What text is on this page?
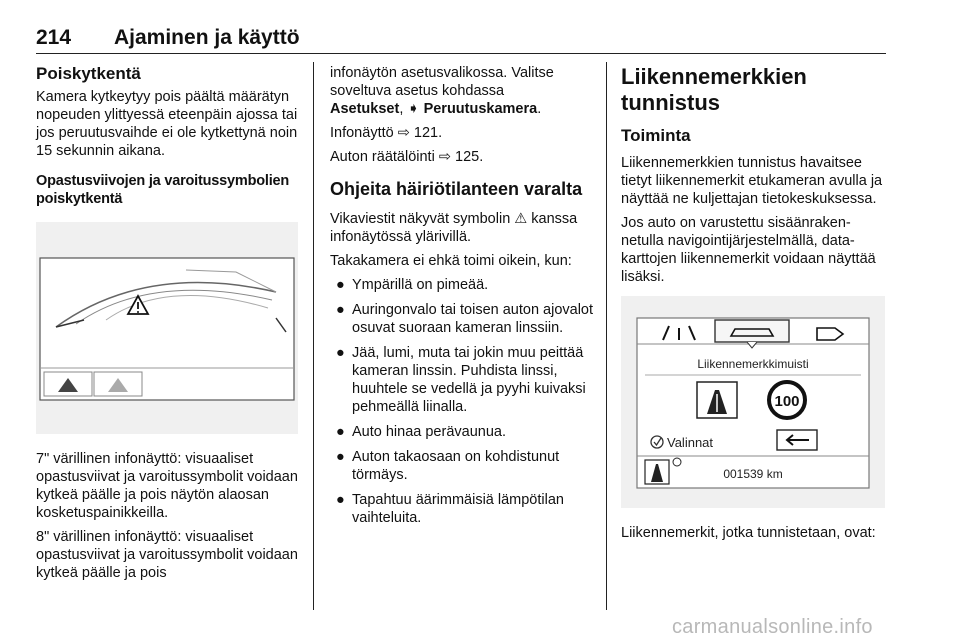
214 Ajaminen ja käyttö
Poiskytkentä

Kamera kytkeytyy pois päältä määrätyn nopeuden ylittyessä eteenpäin ajossa tai jos peruutusvaihde ei ole kytkettynä noin 15 sekunnin aikana.

Opastusviivojen ja varoitussymbolien poiskytkentä

7" värillinen infonäyttö: visuaaliset opastusviivat ja varoitussymbolit voidaan kytkeä päälle ja pois näytön alaosan kosketuspainikkeilla.

8" värillinen infonäyttö: visuaaliset opastusviivat ja varoitussymbolit voidaan kytkeä päälle ja pois

infonäytön asetusvalikossa. Valitse soveltuva asetus kohdassa
Asetukset, ➧ Peruutuskamera.

Infonäyttö ⇨ 121.

Auton räätälöinti ⇨ 125.

Ohjeita häiriötilanteen varalta

Vikaviestit näkyvät symbolin ⚠ kanssa infonäytössä ylärivillä.

Takakamera ei ehkä toimi oikein, kun:

● Ympärillä on pimeää.
● Auringonvalo tai toisen auton ajovalot osuvat suoraan kameran linssiin.
● Jää, lumi, muta tai jokin muu peittää kameran linssin. Puhdista linssi, huuhtele se vedellä ja pyyhi kuivaksi pehmeällä liinalla.
● Auto hinaa perävaunua.
● Auton takaosaan on kohdistunut törmäys.
● Tapahtuu äärimmäisiä lämpötilan vaihteluita.
Liikennemerkkien tunnistus
Toiminta

Liikennemerkkien tunnistus havaitsee tietyt liikennemerkit etukameran avulla ja näyttää ne kuljettajan tietokeskuksessa.

Jos auto on varustettu sisäänrakennetulla navigointijärjestelmällä, datakarttojen liikennemerkit voidaan näyttää lisäksi.

Liikennemerkkimuisti
100
Valinnat
001539 km

Liikennemerkit, jotka tunnistetaan, ovat:

carmanualsonline.info
